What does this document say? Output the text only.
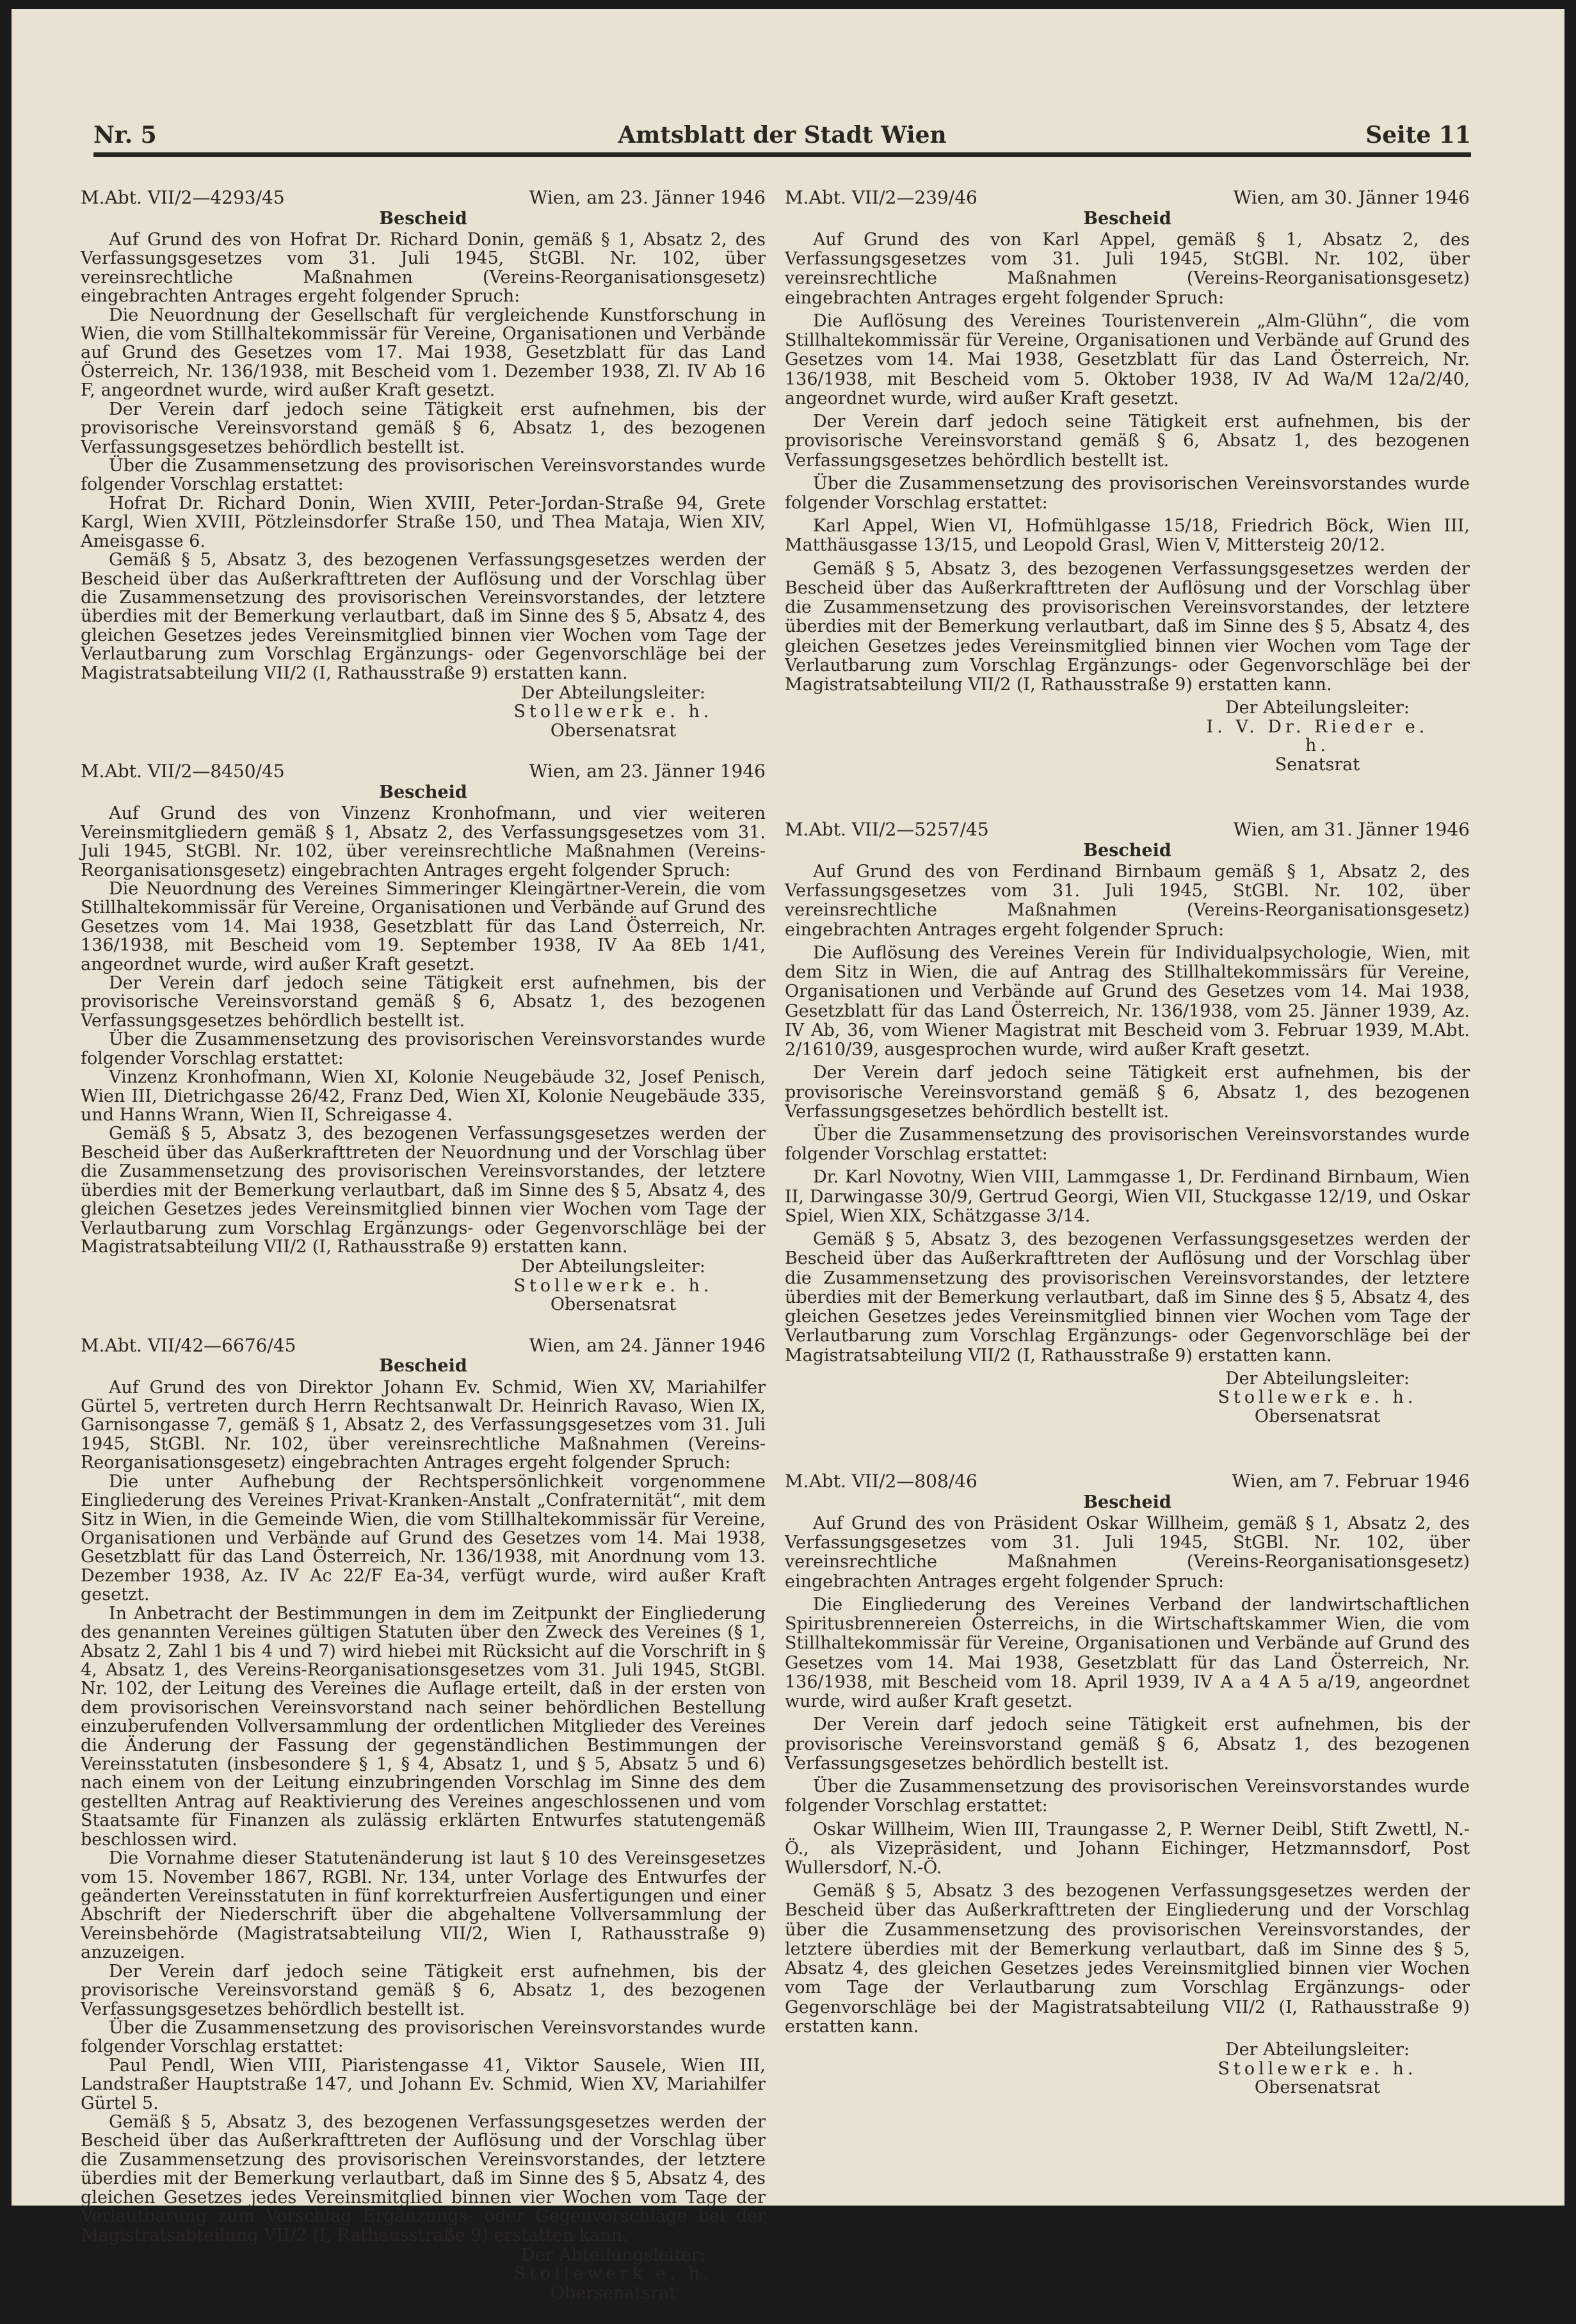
Nr. 5	Amtsblatt der Stadt Wien	Seite 11
M.Abt. VII/2—4293/45	Wien, am 23. Jänner 1946
Bescheid

Auf Grund des von Hofrat Dr. Richard Donin, gemäß § 1, Absatz 2, des Verfassungsgesetzes vom 31. Juli 1945, StGBl. Nr. 102, über vereinsrechtliche Maßnahmen (Vereins-Reorganisationsgesetz) eingebrachten Antrages ergeht folgender Spruch:

Die Neuordnung der Gesellschaft für vergleichende Kunstforschung in Wien, die vom Stillhaltekommissär für Vereine, Organisationen und Verbände auf Grund des Gesetzes vom 17. Mai 1938, Gesetzblatt für das Land Österreich, Nr. 136/1938, mit Bescheid vom 1. Dezember 1938, Zl. IV Ab 16 F, angeordnet wurde, wird außer Kraft gesetzt.

Der Verein darf jedoch seine Tätigkeit erst aufnehmen, bis der provisorische Vereinsvorstand gemäß § 6, Absatz 1, des bezogenen Verfassungsgesetzes behördlich bestellt ist.

Über die Zusammensetzung des provisorischen Vereinsvorstandes wurde folgender Vorschlag erstattet:

Hofrat Dr. Richard Donin, Wien XVIII, Peter-Jordan-Straße 94, Grete Kargl, Wien XVIII, Pötzleinsdorfer Straße 150, und Thea Mataja, Wien XIV, Ameisgasse 6.

Gemäß § 5, Absatz 3, des bezogenen Verfassungsgesetzes werden der Bescheid über das Außerkrafttreten der Auflösung und der Vorschlag über die Zusammensetzung des provisorischen Vereinsvorstandes, der letztere überdies mit der Bemerkung verlautbart, daß im Sinne des § 5, Absatz 4, des gleichen Gesetzes jedes Vereinsmitglied binnen vier Wochen vom Tage der Verlautbarung zum Vorschlag Ergänzungs- oder Gegenvorschläge bei der Magistratsabteilung VII/2 (I, Rathausstraße 9) erstatten kann.

Der Abteilungsleiter:
Stollewerk e. h.
Obersenatsrat
M.Abt. VII/2—8450/45	Wien, am 23. Jänner 1946
Bescheid

Auf Grund des von Vinzenz Kronhofmann, und vier weiteren Vereinsmitgliedern gemäß § 1, Absatz 2, des Verfassungsgesetzes vom 31. Juli 1945, StGBl. Nr. 102, über vereinsrechtliche Maßnahmen (Vereins-Reorganisationsgesetz) eingebrachten Antrages ergeht folgender Spruch:

Die Neuordnung des Vereines Simmeringer Kleingärtner-Verein, die vom Stillhaltekommissär für Vereine, Organisationen und Verbände auf Grund des Gesetzes vom 14. Mai 1938, Gesetzblatt für das Land Österreich, Nr. 136/1938, mit Bescheid vom 19. September 1938, IV Aa 8Eb 1/41, angeordnet wurde, wird außer Kraft gesetzt.

Der Verein darf jedoch seine Tätigkeit erst aufnehmen, bis der provisorische Vereinsvorstand gemäß § 6, Absatz 1, des bezogenen Verfassungsgesetzes behördlich bestellt ist.

Über die Zusammensetzung des provisorischen Vereinsvorstandes wurde folgender Vorschlag erstattet:

Vinzenz Kronhofmann, Wien XI, Kolonie Neugebäude 32, Josef Penisch, Wien III, Dietrichgasse 26/42, Franz Ded, Wien XI, Kolonie Neugebäude 335, und Hanns Wrann, Wien II, Schreigasse 4.

Gemäß § 5, Absatz 3, des bezogenen Verfassungsgesetzes werden der Bescheid über das Außerkrafttreten der Neuordnung und der Vorschlag über die Zusammensetzung des provisorischen Vereinsvorstandes, der letztere überdies mit der Bemerkung verlautbart, daß im Sinne des § 5, Absatz 4, des gleichen Gesetzes jedes Vereinsmitglied binnen vier Wochen vom Tage der Verlautbarung zum Vorschlag Ergänzungs- oder Gegenvorschläge bei der Magistratsabteilung VII/2 (I, Rathausstraße 9) erstatten kann.

Der Abteilungsleiter:
Stollewerk e. h.
Obersenatsrat
M.Abt. VII/42—6676/45	Wien, am 24. Jänner 1946
Bescheid

Auf Grund des von Direktor Johann Ev. Schmid, Wien XV, Mariahilfer Gürtel 5, vertreten durch Herrn Rechtsanwalt Dr. Heinrich Ravaso, Wien IX, Garnisongasse 7, gemäß § 1, Absatz 2, des Verfassungsgesetzes vom 31. Juli 1945, StGBl. Nr. 102, über vereinsrechtliche Maßnahmen (Vereins-Reorganisationsgesetz) eingebrachten Antrages ergeht folgender Spruch:

Die unter Aufhebung der Rechtspersönlichkeit vorgenommene Eingliederung des Vereines Privat-Kranken-Anstalt „Confraternität“, mit dem Sitz in Wien, in die Gemeinde Wien, die vom Stillhaltekommissär für Vereine, Organisationen und Verbände auf Grund des Gesetzes vom 14. Mai 1938, Gesetzblatt für das Land Österreich, Nr. 136/1938, mit Anordnung vom 13. Dezember 1938, Az. IV Ac 22/F Ea-34, verfügt wurde, wird außer Kraft gesetzt.

In Anbetracht der Bestimmungen in dem im Zeitpunkt der Eingliederung des genannten Vereines gültigen Statuten über den Zweck des Vereines (§ 1, Absatz 2, Zahl 1 bis 4 und 7) wird hiebei mit Rücksicht auf die Vorschrift in § 4, Absatz 1, des Vereins-Reorganisationsgesetzes vom 31. Juli 1945, StGBl. Nr. 102, der Leitung des Vereines die Auflage erteilt, daß in der ersten von dem provisorischen Vereinsvorstand nach seiner behördlichen Bestellung einzuberufenden Vollversammlung der ordentlichen Mitglieder des Vereines die Änderung der Fassung der gegenständlichen Bestimmungen der Vereinsstatuten (insbesondere § 1, § 4, Absatz 1, und § 5, Absatz 5 und 6) nach einem von der Leitung einzubringenden Vorschlag im Sinne des dem gestellten Antrag auf Reaktivierung des Vereines angeschlossenen und vom Staatsamte für Finanzen als zulässig erklärten Entwurfes statutengemäß beschlossen wird.

Die Vornahme dieser Statutenänderung ist laut § 10 des Vereinsgesetzes vom 15. November 1867, RGBl. Nr. 134, unter Vorlage des Entwurfes der geänderten Vereinsstatuten in fünf korrekturfreien Ausfertigungen und einer Abschrift der Niederschrift über die abgehaltene Vollversammlung der Vereinsbehörde (Magistratsabteilung VII/2, Wien I, Rathausstraße 9) anzuzeigen.

Der Verein darf jedoch seine Tätigkeit erst aufnehmen, bis der provisorische Vereinsvorstand gemäß § 6, Absatz 1, des bezogenen Verfassungsgesetzes behördlich bestellt ist.

Über die Zusammensetzung des provisorischen Vereinsvorstandes wurde folgender Vorschlag erstattet:

Paul Pendl, Wien VIII, Piaristengasse 41, Viktor Sausele, Wien III, Landstraßer Hauptstraße 147, und Johann Ev. Schmid, Wien XV, Mariahilfer Gürtel 5.

Gemäß § 5, Absatz 3, des bezogenen Verfassungsgesetzes werden der Bescheid über das Außerkrafttreten der Auflösung und der Vorschlag über die Zusammensetzung des provisorischen Vereinsvorstandes, der letztere überdies mit der Bemerkung verlautbart, daß im Sinne des § 5, Absatz 4, des gleichen Gesetzes jedes Vereinsmitglied binnen vier Wochen vom Tage der Verlautbarung zum Vorschlag Ergänzungs- oder Gegenvorschläge bei der Magistratsabteilung VII/2 (I, Rathausstraße 9) erstatten kann.

Der Abteilungsleiter:
Stollewerk e. h.
Obersenatsrat
M.Abt. VII/2—239/46	Wien, am 30. Jänner 1946
Bescheid

Auf Grund des von Karl Appel, gemäß § 1, Absatz 2, des Verfassungsgesetzes vom 31. Juli 1945, StGBl. Nr. 102, über vereinsrechtliche Maßnahmen (Vereins-Reorganisationsgesetz) eingebrachten Antrages ergeht folgender Spruch:

Die Auflösung des Vereines Touristenverein „Alm-Glühn“, die vom Stillhaltekommissär für Vereine, Organisationen und Verbände auf Grund des Gesetzes vom 14. Mai 1938, Gesetzblatt für das Land Österreich, Nr. 136/1938, mit Bescheid vom 5. Oktober 1938, IV Ad Wa/M 12a/2/40, angeordnet wurde, wird außer Kraft gesetzt.

Der Verein darf jedoch seine Tätigkeit erst aufnehmen, bis der provisorische Vereinsvorstand gemäß § 6, Absatz 1, des bezogenen Verfassungsgesetzes behördlich bestellt ist.

Über die Zusammensetzung des provisorischen Vereinsvorstandes wurde folgender Vorschlag erstattet:

Karl Appel, Wien VI, Hofmühlgasse 15/18, Friedrich Böck, Wien III, Matthäusgasse 13/15, und Leopold Grasl, Wien V, Mittersteig 20/12.

Gemäß § 5, Absatz 3, des bezogenen Verfassungsgesetzes werden der Bescheid über das Außerkrafttreten der Auflösung und der Vorschlag über die Zusammensetzung des provisorischen Vereinsvorstandes, der letztere überdies mit der Bemerkung verlautbart, daß im Sinne des § 5, Absatz 4, des gleichen Gesetzes jedes Vereinsmitglied binnen vier Wochen vom Tage der Verlautbarung zum Vorschlag Ergänzungs- oder Gegenvorschläge bei der Magistratsabteilung VII/2 (I, Rathausstraße 9) erstatten kann.

Der Abteilungsleiter:
I. V. Dr. Rieder e. h.
Senatsrat
M.Abt. VII/2—5257/45	Wien, am 31. Jänner 1946
Bescheid

Auf Grund des von Ferdinand Birnbaum gemäß § 1, Absatz 2, des Verfassungsgesetzes vom 31. Juli 1945, StGBl. Nr. 102, über vereinsrechtliche Maßnahmen (Vereins-Reorganisationsgesetz) eingebrachten Antrages ergeht folgender Spruch:

Die Auflösung des Vereines Verein für Individualpsychologie, Wien, mit dem Sitz in Wien, die auf Antrag des Stillhaltekommissärs für Vereine, Organisationen und Verbände auf Grund des Gesetzes vom 14. Mai 1938, Gesetzblatt für das Land Österreich, Nr. 136/1938, vom 25. Jänner 1939, Az. IV Ab, 36, vom Wiener Magistrat mit Bescheid vom 3. Februar 1939, M.Abt. 2/1610/39, ausgesprochen wurde, wird außer Kraft gesetzt.

Der Verein darf jedoch seine Tätigkeit erst aufnehmen, bis der provisorische Vereinsvorstand gemäß § 6, Absatz 1, des bezogenen Verfassungsgesetzes behördlich bestellt ist.

Über die Zusammensetzung des provisorischen Vereinsvorstandes wurde folgender Vorschlag erstattet:

Dr. Karl Novotny, Wien VIII, Lammgasse 1, Dr. Ferdinand Birnbaum, Wien II, Darwingasse 30/9, Gertrud Georgi, Wien VII, Stuckgasse 12/19, und Oskar Spiel, Wien XIX, Schätzgasse 3/14.

Gemäß § 5, Absatz 3, des bezogenen Verfassungsgesetzes werden der Bescheid über das Außerkrafttreten der Auflösung und der Vorschlag über die Zusammensetzung des provisorischen Vereinsvorstandes, der letztere überdies mit der Bemerkung verlautbart, daß im Sinne des § 5, Absatz 4, des gleichen Gesetzes jedes Vereinsmitglied binnen vier Wochen vom Tage der Verlautbarung zum Vorschlag Ergänzungs- oder Gegenvorschläge bei der Magistratsabteilung VII/2 (I, Rathausstraße 9) erstatten kann.

Der Abteilungsleiter:
Stollewerk e. h.
Obersenatsrat
M.Abt. VII/2—808/46	Wien, am 7. Februar 1946
Bescheid

Auf Grund des von Präsident Oskar Willheim, gemäß § 1, Absatz 2, des Verfassungsgesetzes vom 31. Juli 1945, StGBl. Nr. 102, über vereinsrechtliche Maßnahmen (Vereins-Reorganisationsgesetz) eingebrachten Antrages ergeht folgender Spruch:

Die Eingliederung des Vereines Verband der landwirtschaftlichen Spiritusbrennereien Österreichs, in die Wirtschaftskammer Wien, die vom Stillhaltekommissär für Vereine, Organisationen und Verbände auf Grund des Gesetzes vom 14. Mai 1938, Gesetzblatt für das Land Österreich, Nr. 136/1938, mit Bescheid vom 18. April 1939, IV A a 4 A 5 a/19, angeordnet wurde, wird außer Kraft gesetzt.

Der Verein darf jedoch seine Tätigkeit erst aufnehmen, bis der provisorische Vereinsvorstand gemäß § 6, Absatz 1, des bezogenen Verfassungsgesetzes behördlich bestellt ist.

Über die Zusammensetzung des provisorischen Vereinsvorstandes wurde folgender Vorschlag erstattet:

Oskar Willheim, Wien III, Traungasse 2, P. Werner Deibl, Stift Zwettl, N.-Ö., als Vizepräsident, und Johann Eichinger, Hetzmannsdorf, Post Wullersdorf, N.-Ö.

Gemäß § 5, Absatz 3 des bezogenen Verfassungsgesetzes werden der Bescheid über das Außerkrafttreten der Eingliederung und der Vorschlag über die Zusammensetzung des provisorischen Vereinsvorstandes, der letztere überdies mit der Bemerkung verlautbart, daß im Sinne des § 5, Absatz 4, des gleichen Gesetzes jedes Vereinsmitglied binnen vier Wochen vom Tage der Verlautbarung zum Vorschlag Ergänzungs- oder Gegenvorschläge bei der Magistratsabteilung VII/2 (I, Rathausstraße 9) erstatten kann.

Der Abteilungsleiter:
Stollewerk e. h.
Obersenatsrat
